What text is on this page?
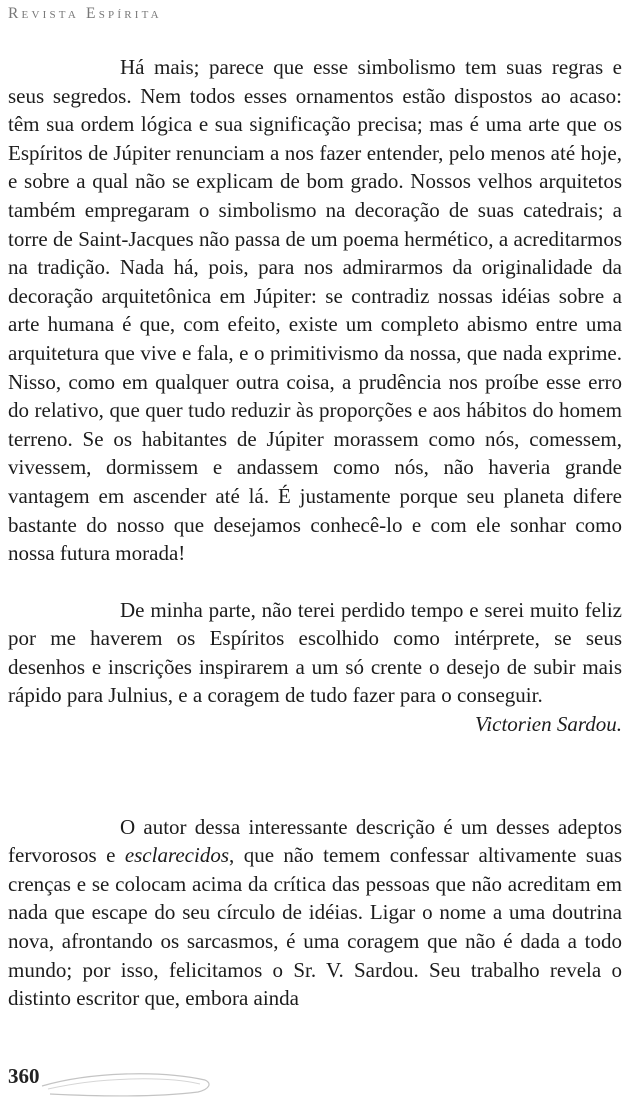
Revista Espírita

Há mais; parece que esse simbolismo tem suas regras e seus segredos. Nem todos esses ornamentos estão dispostos ao acaso: têm sua ordem lógica e sua significação precisa; mas é uma arte que os Espíritos de Júpiter renunciam a nos fazer entender, pelo menos até hoje, e sobre a qual não se explicam de bom grado. Nossos velhos arquitetos também empregaram o simbolismo na decoração de suas catedrais; a torre de Saint-Jacques não passa de um poema hermético, a acreditarmos na tradição. Nada há, pois, para nos admirarmos da originalidade da decoração arquitetônica em Júpiter: se contradiz nossas idéias sobre a arte humana é que, com efeito, existe um completo abismo entre uma arquitetura que vive e fala, e o primitivismo da nossa, que nada exprime. Nisso, como em qualquer outra coisa, a prudência nos proíbe esse erro do relativo, que quer tudo reduzir às proporções e aos hábitos do homem terreno. Se os habitantes de Júpiter morassem como nós, comessem, vivessem, dormissem e andassem como nós, não haveria grande vantagem em ascender até lá. É justamente porque seu planeta difere bastante do nosso que desejamos conhecê-lo e com ele sonhar como nossa futura morada!

De minha parte, não terei perdido tempo e serei muito feliz por me haverem os Espíritos escolhido como intérprete, se seus desenhos e inscrições inspirarem a um só crente o desejo de subir mais rápido para Julnius, e a coragem de tudo fazer para o conseguir.

Victorien Sardou.

O autor dessa interessante descrição é um desses adeptos fervorosos e esclarecidos, que não temem confessar altivamente suas crenças e se colocam acima da crítica das pessoas que não acreditam em nada que escape do seu círculo de idéias. Ligar o nome a uma doutrina nova, afrontando os sarcasmos, é uma coragem que não é dada a todo mundo; por isso, felicitamos o Sr. V. Sardou. Seu trabalho revela o distinto escritor que, embora ainda

360
